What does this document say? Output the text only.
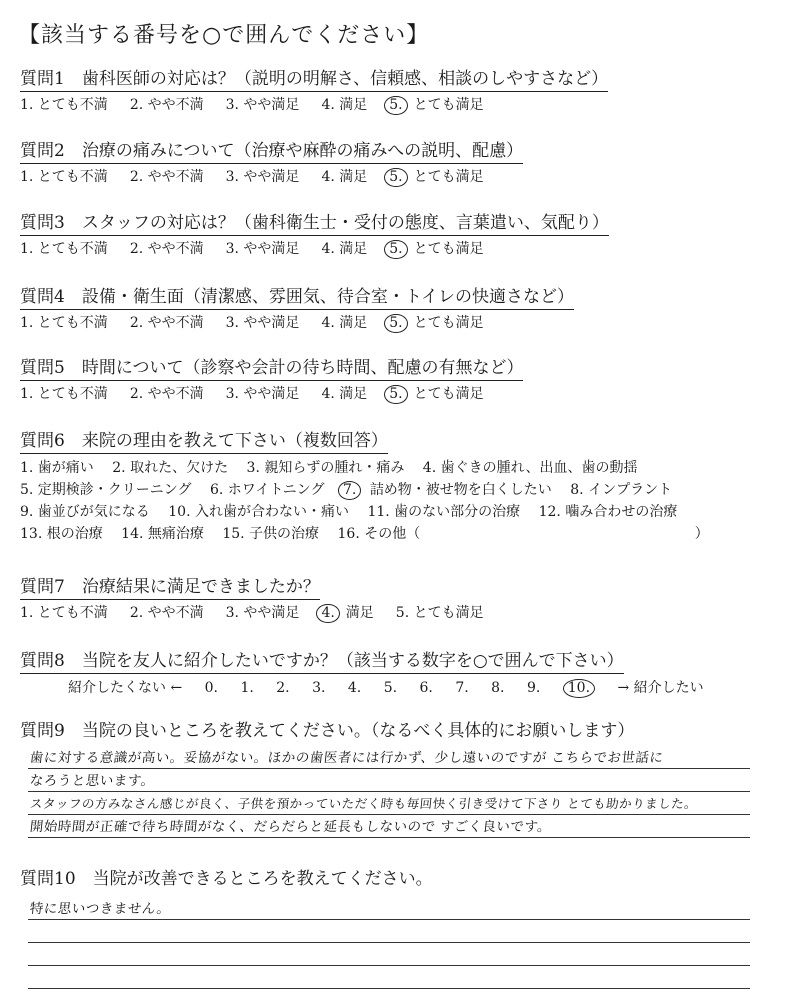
【該当する番号を○で囲んでください】
質問1　歯科医師の対応は？（説明の明解さ、信頼感、相談のしやすさなど）
1. とても不満 2. やや不満 3. やや満足 4. 満足 5. とても満足
質問2　治療の痛みについて（治療や麻酔の痛みへの説明、配慮）
1. とても不満 2. やや不満 3. やや満足 4. 満足 5. とても満足
質問3　スタッフの対応は？（歯科衛生士・受付の態度、言葉遣い、気配り）
1. とても不満 2. やや不満 3. やや満足 4. 満足 5. とても満足
質問4　設備・衛生面（清潔感、雰囲気、待合室・トイレの快適さなど）
1. とても不満 2. やや不満 3. やや満足 4. 満足 5. とても満足
質問5　時間について（診察や会計の待ち時間、配慮の有無など）
1. とても不満 2. やや不満 3. やや満足 4. 満足 5. とても満足
質問6　来院の理由を教えて下さい（複数回答）
1. 歯が痛い 2. 取れた、欠けた 3. 親知らずの腫れ・痛み 4. 歯ぐきの腫れ、出血、歯の動揺
5. 定期検診・クリーニング 6. ホワイトニング 7. 詰め物・被せ物を白くしたい 8. インプラント
9. 歯並びが気になる 10. 入れ歯が合わない・痛い 11. 歯のない部分の治療 12. 噛み合わせの治療
13. 根の治療 14. 無痛治療 15. 子供の治療 16. その他（	）
質問7　治療結果に満足できましたか？
1. とても不満 2. やや不満 3. やや満足 4. 満足 5. とても満足
質問8　当院を友人に紹介したいですか？（該当する数字を○で囲んで下さい）
紹介したくない ← 0. 1. 2. 3. 4. 5. 6. 7. 8. 9. 10. → 紹介したい
質問9　当院の良いところを教えてください。（なるべく具体的にお願いします）
歯に対する意識が高い。妥協がない。ほかの歯医者には行かず、少し遠いのですが こちらでお世話に
なろうと思います。
スタッフの方みなさん感じが良く、子供を預かっていただく時も毎回快く引き受けて下さり とても助かりました。
開始時間が正確で待ち時間がなく、だらだらと延長もしないので すごく良いです。
質問10　当院が改善できるところを教えてください。
特に思いつきません。
